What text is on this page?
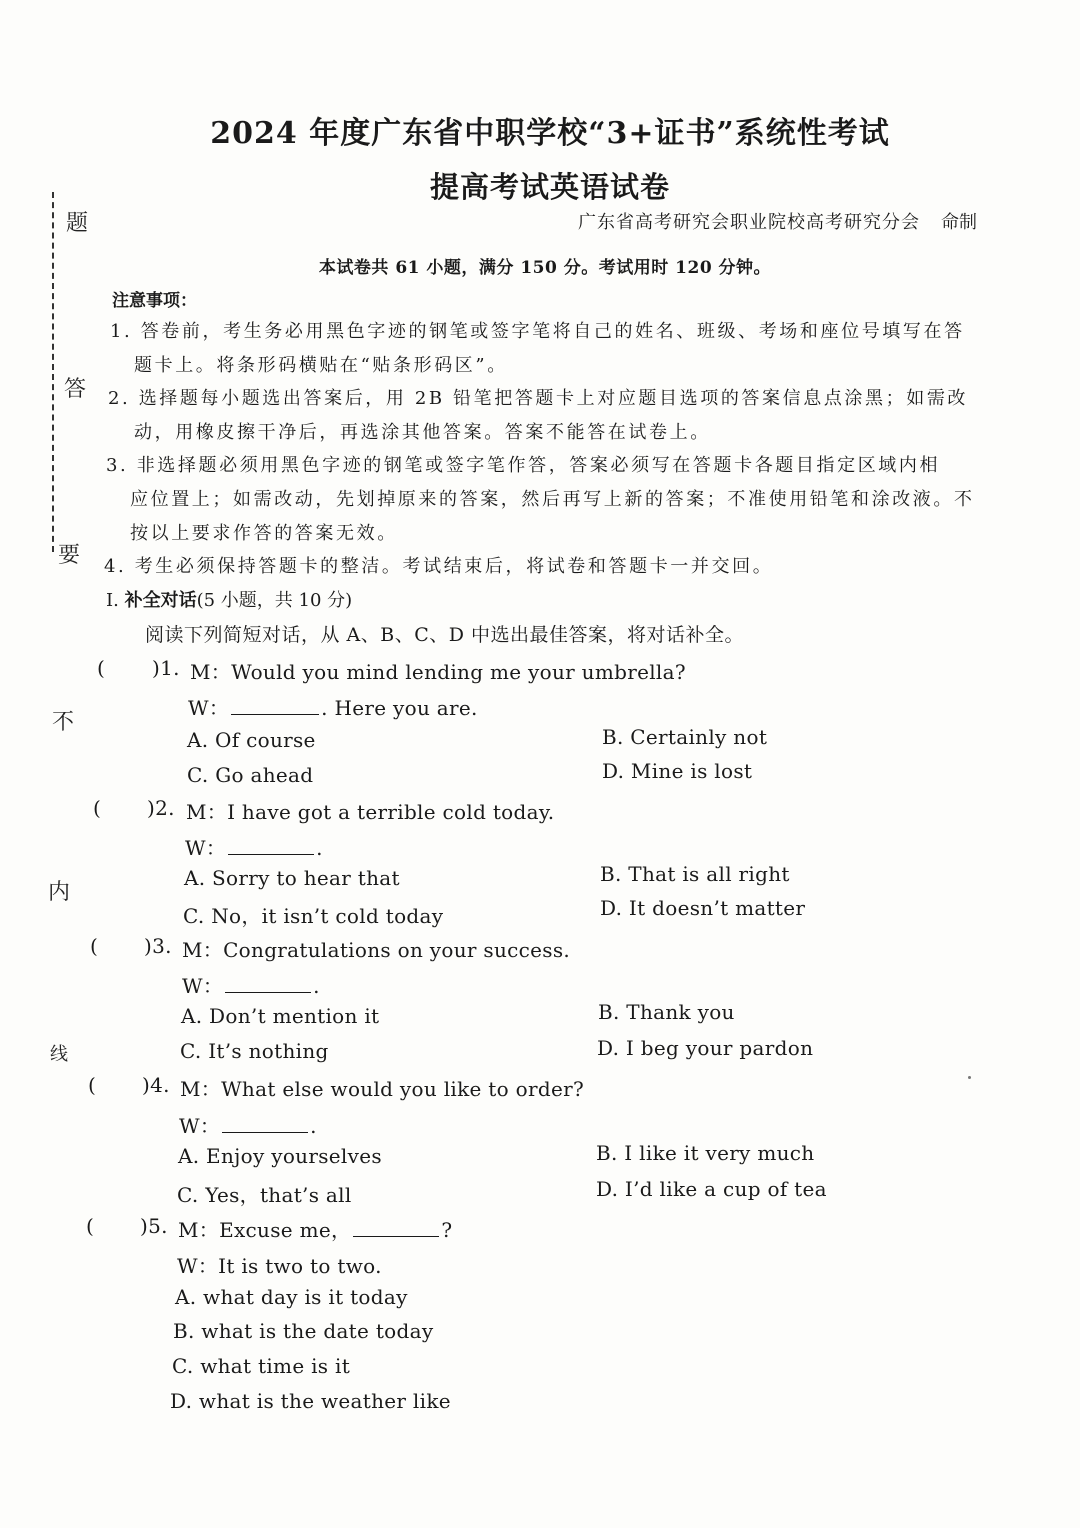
2024 年度广东省中职学校“3+证书”系统性考试
提高考试英语试卷
广东省高考研究会职业院校高考研究分会 命制
本试卷共 61 小题，满分 150 分。考试用时 120 分钟。
题
答
要
不
内
线
注意事项：
1. 答卷前，考生务必用黑色字迹的钢笔或签字笔将自己的姓名、班级、考场和座位号填写在答
题卡上。将条形码横贴在“贴条形码区”。
2. 选择题每小题选出答案后，用 2B 铅笔把答题卡上对应题目选项的答案信息点涂黑；如需改
动，用橡皮擦干净后，再选涂其他答案。答案不能答在试卷上。
3. 非选择题必须用黑色字迹的钢笔或签字笔作答，答案必须写在答题卡各题目指定区域内相
应位置上；如需改动，先划掉原来的答案，然后再写上新的答案；不准使用铅笔和涂改液。不
按以上要求作答的答案无效。
4. 考生必须保持答题卡的整洁。考试结束后，将试卷和答题卡一并交回。
Ⅰ. 补全对话(5 小题，共 10 分)
阅读下列简短对话，从 A、B、C、D 中选出最佳答案，将对话补全。
( )1. M：Would you mind lending me your umbrella?
W：	. Here you are.
A. Of course	B. Certainly not
C. Go ahead	D. Mine is lost
( )2. M：I have got a terrible cold today.
W：	.
A. Sorry to hear that	B. That is all right
C. No，it isn’t cold today	D. It doesn’t matter
( )3. M：Congratulations on your success.
W：	.
A. Don’t mention it	B. Thank you
C. It’s nothing	D. I beg your pardon
( )4. M：What else would you like to order?
W：	.
A. Enjoy yourselves	B. I like it very much
C. Yes，that’s all	D. I’d like a cup of tea
( )5. M：Excuse me，	?
W：It is two to two.
A. what day is it today
B. what is the date today
C. what time is it
D. what is the weather like
